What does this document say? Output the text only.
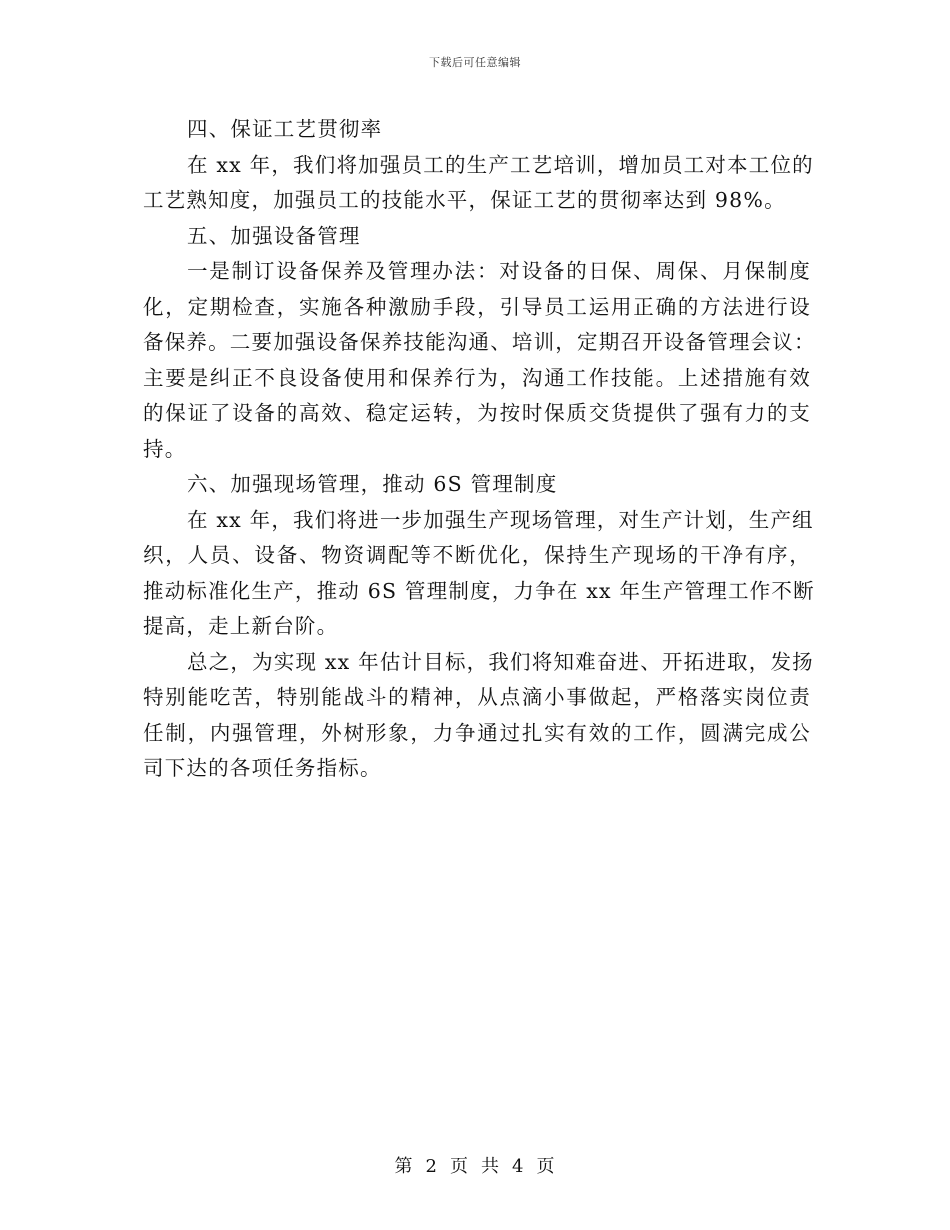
下载后可任意编辑
四、保证工艺贯彻率
在 xx 年，我们将加强员工的生产工艺培训，增加员工对本工位的
工艺熟知度，加强员工的技能水平，保证工艺的贯彻率达到 98%。
五、加强设备管理
一是制订设备保养及管理办法：对设备的日保、周保、月保制度
化，定期检查，实施各种激励手段，引导员工运用正确的方法进行设
备保养。二要加强设备保养技能沟通、培训，定期召开设备管理会议：
主要是纠正不良设备使用和保养行为，沟通工作技能。上述措施有效
的保证了设备的高效、稳定运转，为按时保质交货提供了强有力的支
持。
六、加强现场管理，推动 6S 管理制度
在 xx 年，我们将进一步加强生产现场管理，对生产计划，生产组
织，人员、设备、物资调配等不断优化，保持生产现场的干净有序，
推动标准化生产，推动 6S 管理制度，力争在 xx 年生产管理工作不断
提高，走上新台阶。
总之，为实现 xx 年估计目标，我们将知难奋进、开拓进取，发扬
特别能吃苦，特别能战斗的精神，从点滴小事做起，严格落实岗位责
任制，内强管理，外树形象，力争通过扎实有效的工作，圆满完成公
司下达的各项任务指标。
第 2 页 共 4 页
